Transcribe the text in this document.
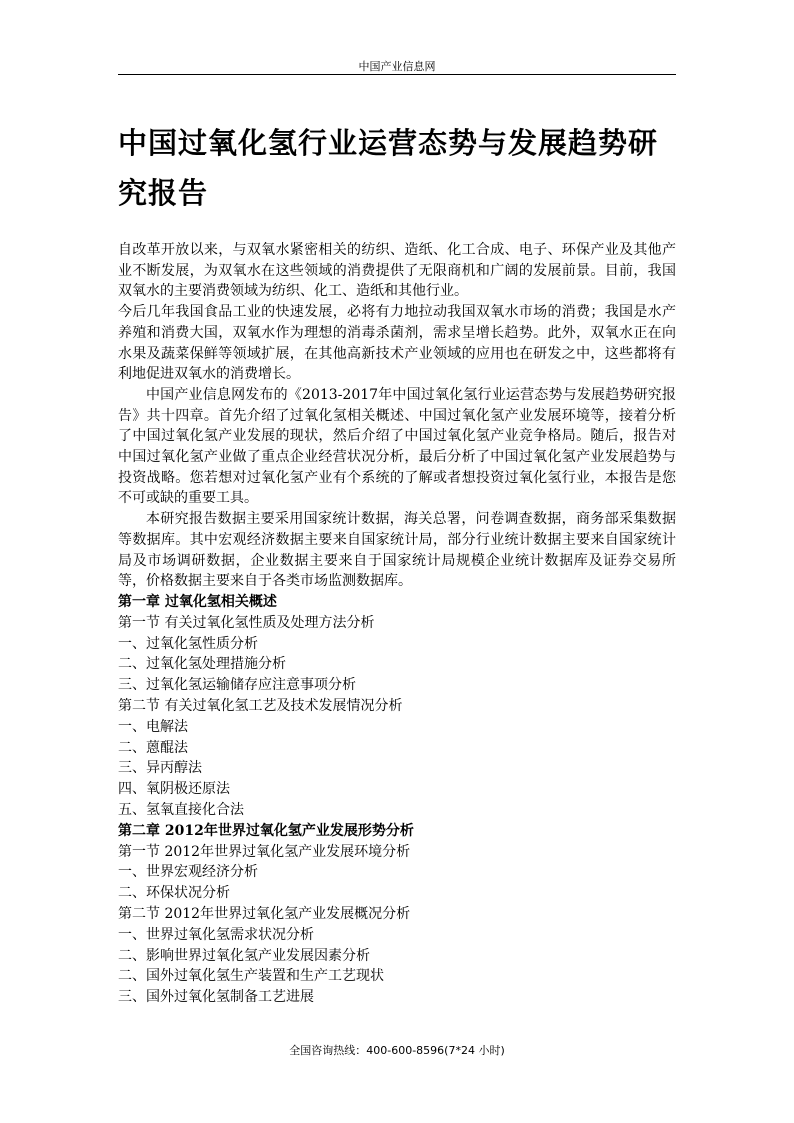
中国产业信息网
中国过氧化氢行业运营态势与发展趋势研究报告

自改革开放以来，与双氧水紧密相关的纺织、造纸、化工合成、电子、环保产业及其他产业不断发展，为双氧水在这些领域的消费提供了无限商机和广阔的发展前景。目前，我国双氧水的主要消费领域为纺织、化工、造纸和其他行业。

今后几年我国食品工业的快速发展，必将有力地拉动我国双氧水市场的消费；我国是水产养殖和消费大国，双氧水作为理想的消毒杀菌剂，需求呈增长趋势。此外，双氧水正在向水果及蔬菜保鲜等领域扩展，在其他高新技术产业领域的应用也在研发之中，这些都将有利地促进双氧水的消费增长。

中国产业信息网发布的《2013-2017年中国过氧化氢行业运营态势与发展趋势研究报告》共十四章。首先介绍了过氧化氢相关概述、中国过氧化氢产业发展环境等，接着分析了中国过氧化氢产业发展的现状，然后介绍了中国过氧化氢产业竞争格局。随后，报告对中国过氧化氢产业做了重点企业经营状况分析，最后分析了中国过氧化氢产业发展趋势与投资战略。您若想对过氧化氢产业有个系统的了解或者想投资过氧化氢行业，本报告是您不可或缺的重要工具。

本研究报告数据主要采用国家统计数据，海关总署，问卷调查数据，商务部采集数据等数据库。其中宏观经济数据主要来自国家统计局，部分行业统计数据主要来自国家统计局及市场调研数据，企业数据主要来自于国家统计局规模企业统计数据库及证券交易所等，价格数据主要来自于各类市场监测数据库。

第一章 过氧化氢相关概述
第一节 有关过氧化氢性质及处理方法分析
一、过氧化氢性质分析
二、过氧化氢处理措施分析
三、过氧化氢运输储存应注意事项分析
第二节 有关过氧化氢工艺及技术发展情况分析
一、电解法
二、蒽醌法
三、异丙醇法
四、氧阴极还原法
五、氢氧直接化合法
第二章 2012年世界过氧化氢产业发展形势分析
第一节 2012年世界过氧化氢产业发展环境分析
一、世界宏观经济分析
二、环保状况分析
第二节 2012年世界过氧化氢产业发展概况分析
一、世界过氧化氢需求状况分析
二、影响世界过氧化氢产业发展因素分析
二、国外过氧化氢生产装置和生产工艺现状
三、国外过氧化氢制备工艺进展
全国咨询热线：400-600-8596(7*24 小时)
